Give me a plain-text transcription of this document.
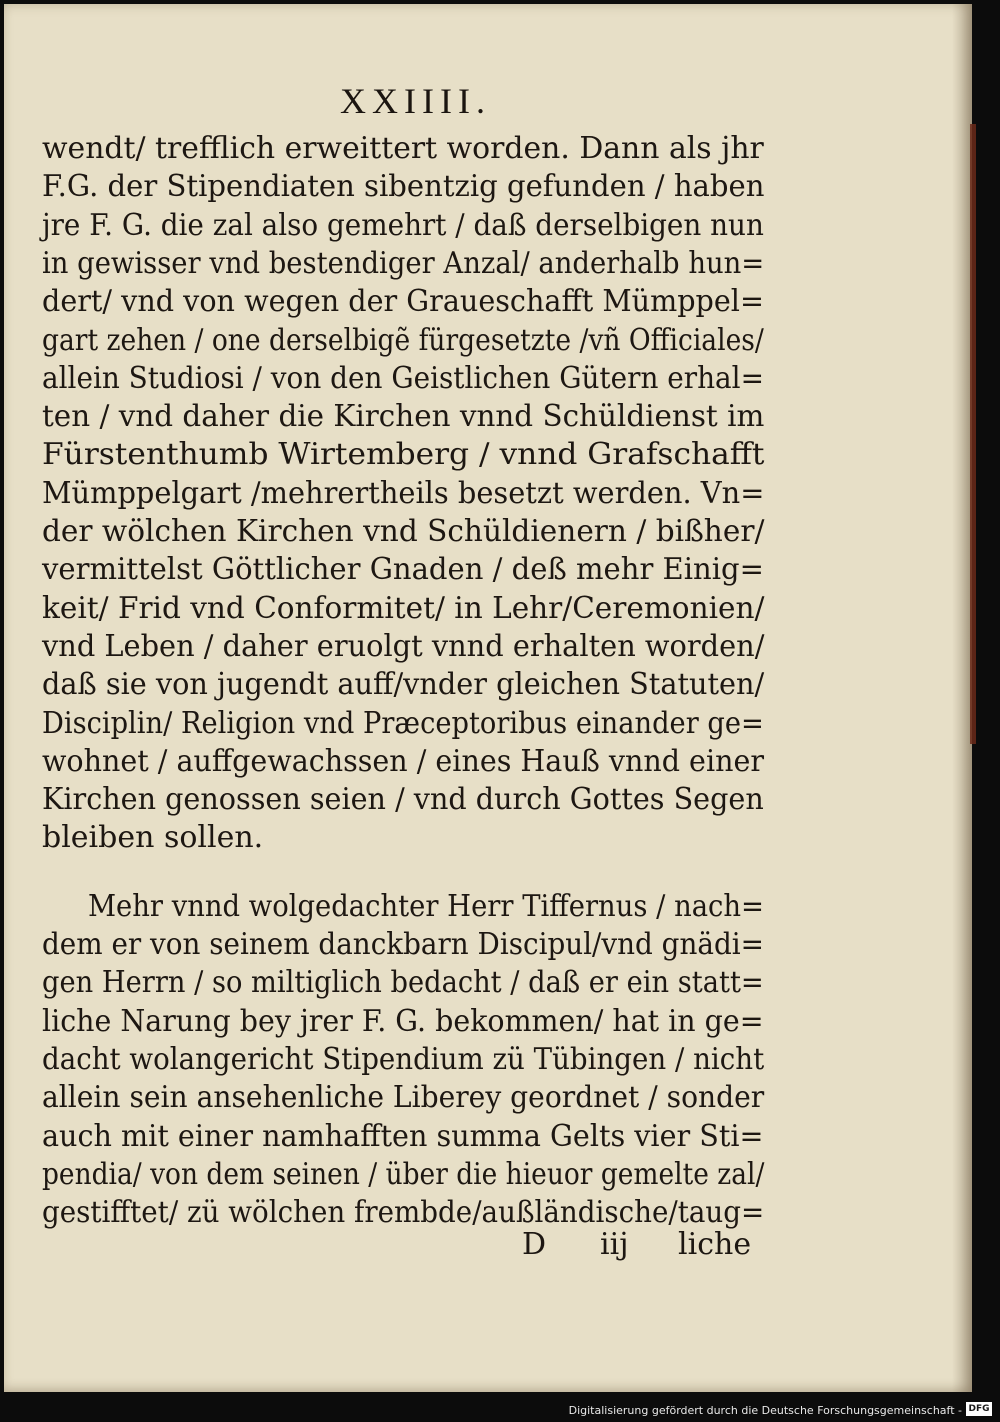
XXIIII.
wendt/ trefflich erweittert worden. Dann als jhr
F.G. der Stipendiaten sibentzig gefunden / haben
jre F. G. die zal also gemehrt / daß derselbigen nun
in gewisser vnd bestendiger Anzal/ anderhalb hun=
dert/ vnd von wegen der Graueschafft Mümppel=
gart zehen / one derselbigẽ fürgesetzte /vñ Officiales/
allein Studiosi / von den Geistlichen Gütern erhal=
ten / vnd daher die Kirchen vnnd Schüldienst im
Fürstenthumb Wirtemberg / vnnd Grafschafft
Mümppelgart /mehrertheils besetzt werden. Vn=
der wölchen Kirchen vnd Schüldienern / bißher/
vermittelst Göttlicher Gnaden / deß mehr Einig=
keit/ Frid vnd Conformitet/ in Lehr/Ceremonien/
vnd Leben / daher eruolgt vnnd erhalten worden/
daß sie von jugendt auff/vnder gleichen Statuten/
Disciplin/ Religion vnd Præceptoribus einander ge=
wohnet / auffgewachssen / eines Hauß vnnd einer
Kirchen genossen seien / vnd durch Gottes Segen
bleiben sollen.
Mehr vnnd wolgedachter Herr Tiffernus / nach=
dem er von seinem danckbarn Discipul/vnd gnädi=
gen Herrn / so miltiglich bedacht / daß er ein statt=
liche Narung bey jrer F. G. bekommen/ hat in ge=
dacht wolangericht Stipendium zü Tübingen / nicht
allein sein ansehenliche Liberey geordnet / sonder
auch mit einer namhafften summa Gelts vier Sti=
pendia/ von dem seinen / über die hieuor gemelte zal/
gestifftet/ zü wölchen frembde/außländische/taug=
D iij liche
Digitalisierung gefördert durch die Deutsche Forschungsgemeinschaft - DFG
